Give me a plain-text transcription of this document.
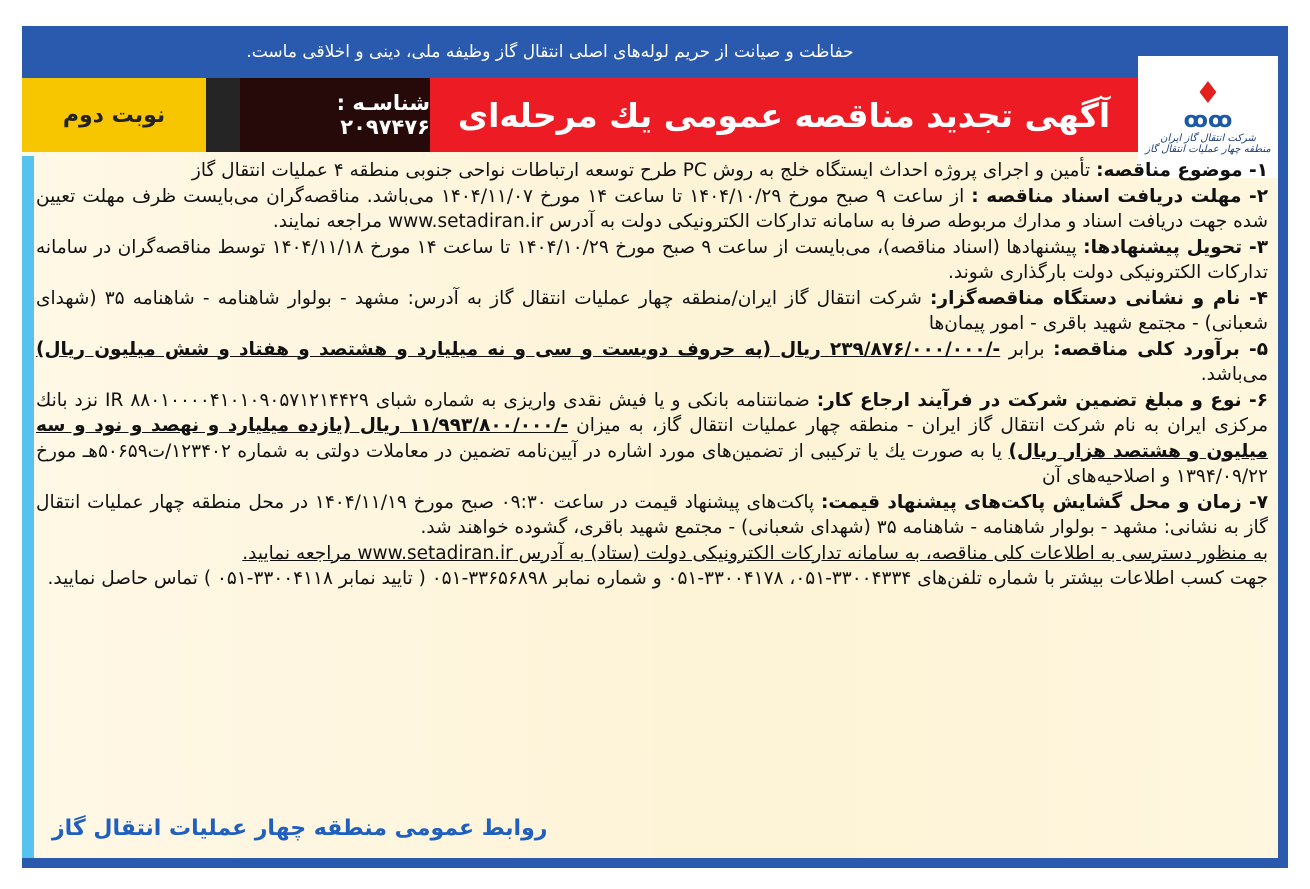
حفاظت و صیانت از حریم لوله‌های اصلی انتقال گاز وظیفه ملی، دینی و اخلاقی ماست.
نوبت دوم	شناسـه : ۲۰۹۷۴۷۶ آگهی تجدید مناقصه عمومی يك مرحله‌ای
♦
ꝏꝏ
شرکت انتقال گاز ایران
منطقه چهار عملیات انتقال گاز

۱- موضوع مناقصه: تأمین و اجرای پروژه احداث ایستگاه خلج به روش PC طرح توسعه ارتباطات نواحی جنوبی منطقه ۴ عملیات انتقال گاز

۲- مهلت دریافت اسناد مناقصه : از ساعت ۹ صبح مورخ ۱۴۰۴/۱۰/۲۹ تا ساعت ۱۴ مورخ ۱۴۰۴/۱۱/۰۷ می‌باشد. مناقصه‌گران می‌بایست ظرف مهلت تعیین شده جهت دریافت اسناد و مدارك مربوطه صرفا به سامانه تدارکات الکترونیکی دولت به آدرس www.setadiran.ir مراجعه نمایند.

۳- تحویل پیشنهادها: پیشنهادها (اسناد مناقصه)، می‌بایست از ساعت ۹ صبح مورخ ۱۴۰۴/۱۰/۲۹ تا ساعت ۱۴ مورخ ۱۴۰۴/۱۱/۱۸ توسط مناقصه‌گران در سامانه تدارکات الکترونیکی دولت بارگذاری شوند.

۴- نام و نشانی دستگاه مناقصه‌گزار: شرکت انتقال گاز ایران/منطقه چهار عملیات انتقال گاز به آدرس: مشهد - بولوار شاهنامه - شاهنامه ۳۵ (شهدای شعبانی) - مجتمع شهید باقری - امور پیمان‌ها

۵- برآورد کلی مناقصه: برابر -/۲۳۹/۸۷۶/۰۰۰/۰۰۰ ریال (به حروف دویست و سی و نه میلیارد و هشتصد و هفتاد و شش میلیون ریال) می‌باشد.

۶- نوع و مبلغ تضمین شرکت در فرآیند ارجاع کار: ضمانتنامه بانکی و یا فیش نقدی واریزی به شماره شبای IR ۸۸۰۱۰۰۰۰۴۱۰۱۰۹۰۵۷۱۲۱۴۴۲۹ نزد بانك مرکزی ایران به نام شرکت انتقال گاز ایران - منطقه چهار عملیات انتقال گاز، به میزان -/۱۱/۹۹۳/۸۰۰/۰۰۰ ریال (یازده میلیارد و نهصد و نود و سه میلیون و هشتصد هزار ریال) یا به صورت يك یا ترکیبی از تضمین‌های مورد اشاره در آیین‌نامه تضمین در معاملات دولتی به شماره ۱۲۳۴۰۲/ت۵۰۶۵۹هـ مورخ ۱۳۹۴/۰۹/۲۲ و اصلاحیه‌های آن

۷- زمان و محل گشایش پاکت‌های پیشنهاد قیمت: پاکت‌های پیشنهاد قیمت در ساعت ۰۹:۳۰ صبح مورخ ۱۴۰۴/۱۱/۱۹ در محل منطقه چهار عملیات انتقال گاز به نشانی: مشهد - بولوار شاهنامه - شاهنامه ۳۵ (شهدای شعبانی) - مجتمع شهید باقری، گشوده خواهند شد.

به منظور دسترسی به اطلاعات کلی مناقصه، به سامانه تدارکات الکترونیکی دولت (ستاد) به آدرس www.setadiran.ir مراجعه نمایید.

جهت کسب اطلاعات بیشتر با شماره تلفن‌های ۳۳۰۰۴۳۳۴-۰۵۱، ۳۳۰۰۴۱۷۸-۰۵۱ و شماره نمابر ۳۳۶۵۶۸۹۸-۰۵۱ ( تایید نمابر ۳۳۰۰۴۱۱۸-۰۵۱ ) تماس حاصل نمایید.

روابط عمومی منطقه چهار عملیات انتقال گاز
